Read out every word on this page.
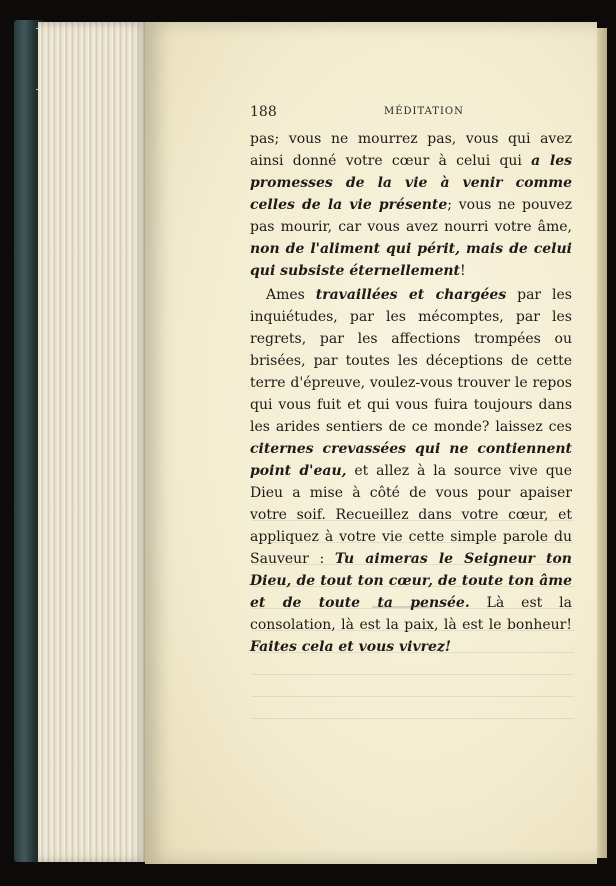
188	MÉDITATION

pas; vous ne mourrez pas, vous qui avez ainsi donné votre cœur à celui qui a les promesses de la vie à venir comme celles de la vie présente; vous ne pouvez pas mourir, car vous avez nourri votre âme, non de l'aliment qui périt, mais de celui qui subsiste éternellement!

Ames travaillées et chargées par les inquiétudes, par les mécomptes, par les regrets, par les affections trompées ou brisées, par toutes les déceptions de cette terre d'épreuve, voulez-vous trouver le repos qui vous fuit et qui vous fuira toujours dans les arides sentiers de ce monde? laissez ces citernes crevassées qui ne contiennent point d'eau, et allez à la source vive que Dieu a mise à côté de vous pour apaiser votre soif. Recueillez dans votre cœur, et appliquez à votre vie cette simple parole du Sauveur : Tu aimeras le Seigneur ton Dieu, de tout ton cœur, de toute ton âme et de toute ta pensée. Là est la consolation, là est la paix, là est le bonheur! Faites cela et vous vivrez!
